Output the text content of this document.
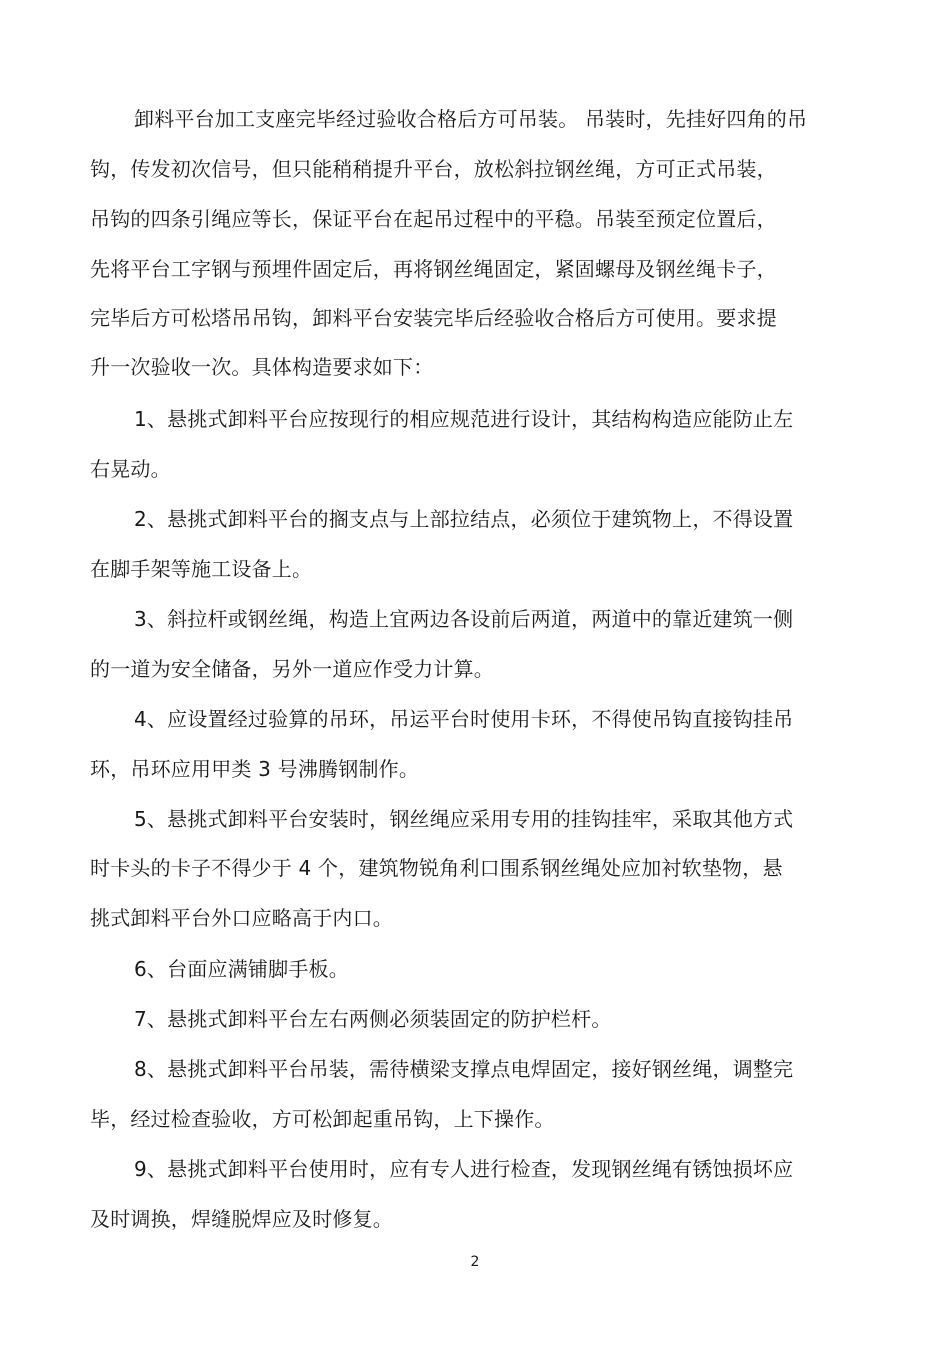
卸料平台加工支座完毕经过验收合格后方可吊装。 吊装时，先挂好四角的吊
钩，传发初次信号，但只能稍稍提升平台，放松斜拉钢丝绳，方可正式吊装，
吊钩的四条引绳应等长，保证平台在起吊过程中的平稳。吊装至预定位置后，
先将平台工字钢与预埋件固定后，再将钢丝绳固定，紧固螺母及钢丝绳卡子，
完毕后方可松塔吊吊钩，卸料平台安装完毕后经验收合格后方可使用。要求提
升一次验收一次。具体构造要求如下：
1、悬挑式卸料平台应按现行的相应规范进行设计，其结构构造应能防止左
右晃动。
2、悬挑式卸料平台的搁支点与上部拉结点，必须位于建筑物上，不得设置
在脚手架等施工设备上。
3、斜拉杆或钢丝绳，构造上宜两边各设前后两道，两道中的靠近建筑一侧
的一道为安全储备，另外一道应作受力计算。
4、应设置经过验算的吊环，吊运平台时使用卡环，不得使吊钩直接钩挂吊
环，吊环应用甲类 3 号沸腾钢制作。
5、悬挑式卸料平台安装时，钢丝绳应采用专用的挂钩挂牢，采取其他方式
时卡头的卡子不得少于 4 个，建筑物锐角利口围系钢丝绳处应加衬软垫物，悬
挑式卸料平台外口应略高于内口。
6、台面应满铺脚手板。
7、悬挑式卸料平台左右两侧必须装固定的防护栏杆。
8、悬挑式卸料平台吊装，需待横梁支撑点电焊固定，接好钢丝绳，调整完
毕，经过检查验收，方可松卸起重吊钩，上下操作。
9、悬挑式卸料平台使用时，应有专人进行检查，发现钢丝绳有锈蚀损坏应
及时调换，焊缝脱焊应及时修复。
2
